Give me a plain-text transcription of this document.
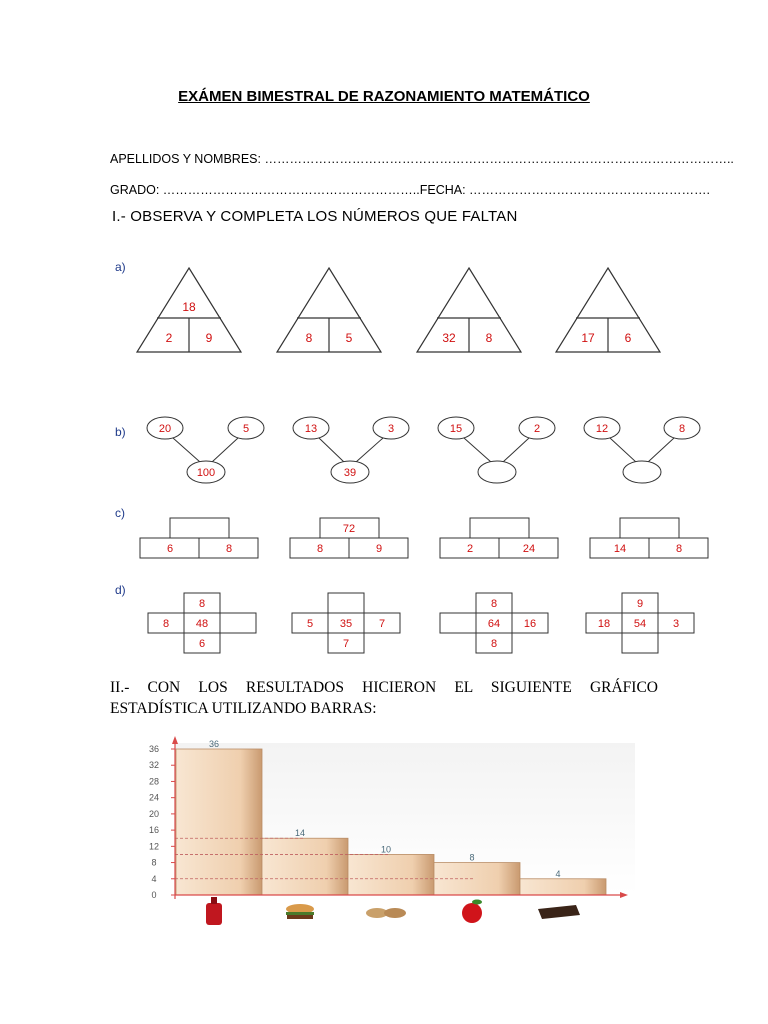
EXÁMEN BIMESTRAL DE RAZONAMIENTO MATEMÁTICO
APELLIDOS Y NOMBRES: …………………………………………………………………………………………………..
GRADO: ……………………………………………………..FECHA: ………………………………………………….
I.- OBSERVA Y COMPLETA LOS NÚMEROS QUE FALTAN
a)
b)
c)
d)
18
2	9	8	5	32 8	17 6
20	5
100
13	3
39
15	2	12	8
6	8
72
8	9	2	24	14	8
8
8 48
6
5 35 7
7
8
64 16
8
9
18 54 3
II.- CON LOS RESULTADOS HICIERON EL SIGUIENTE GRÁFICO
ESTADÍSTICA UTILIZANDO BARRAS:
0
4
8
12
16
20
24
28
32
36	36
14
10
8
4
